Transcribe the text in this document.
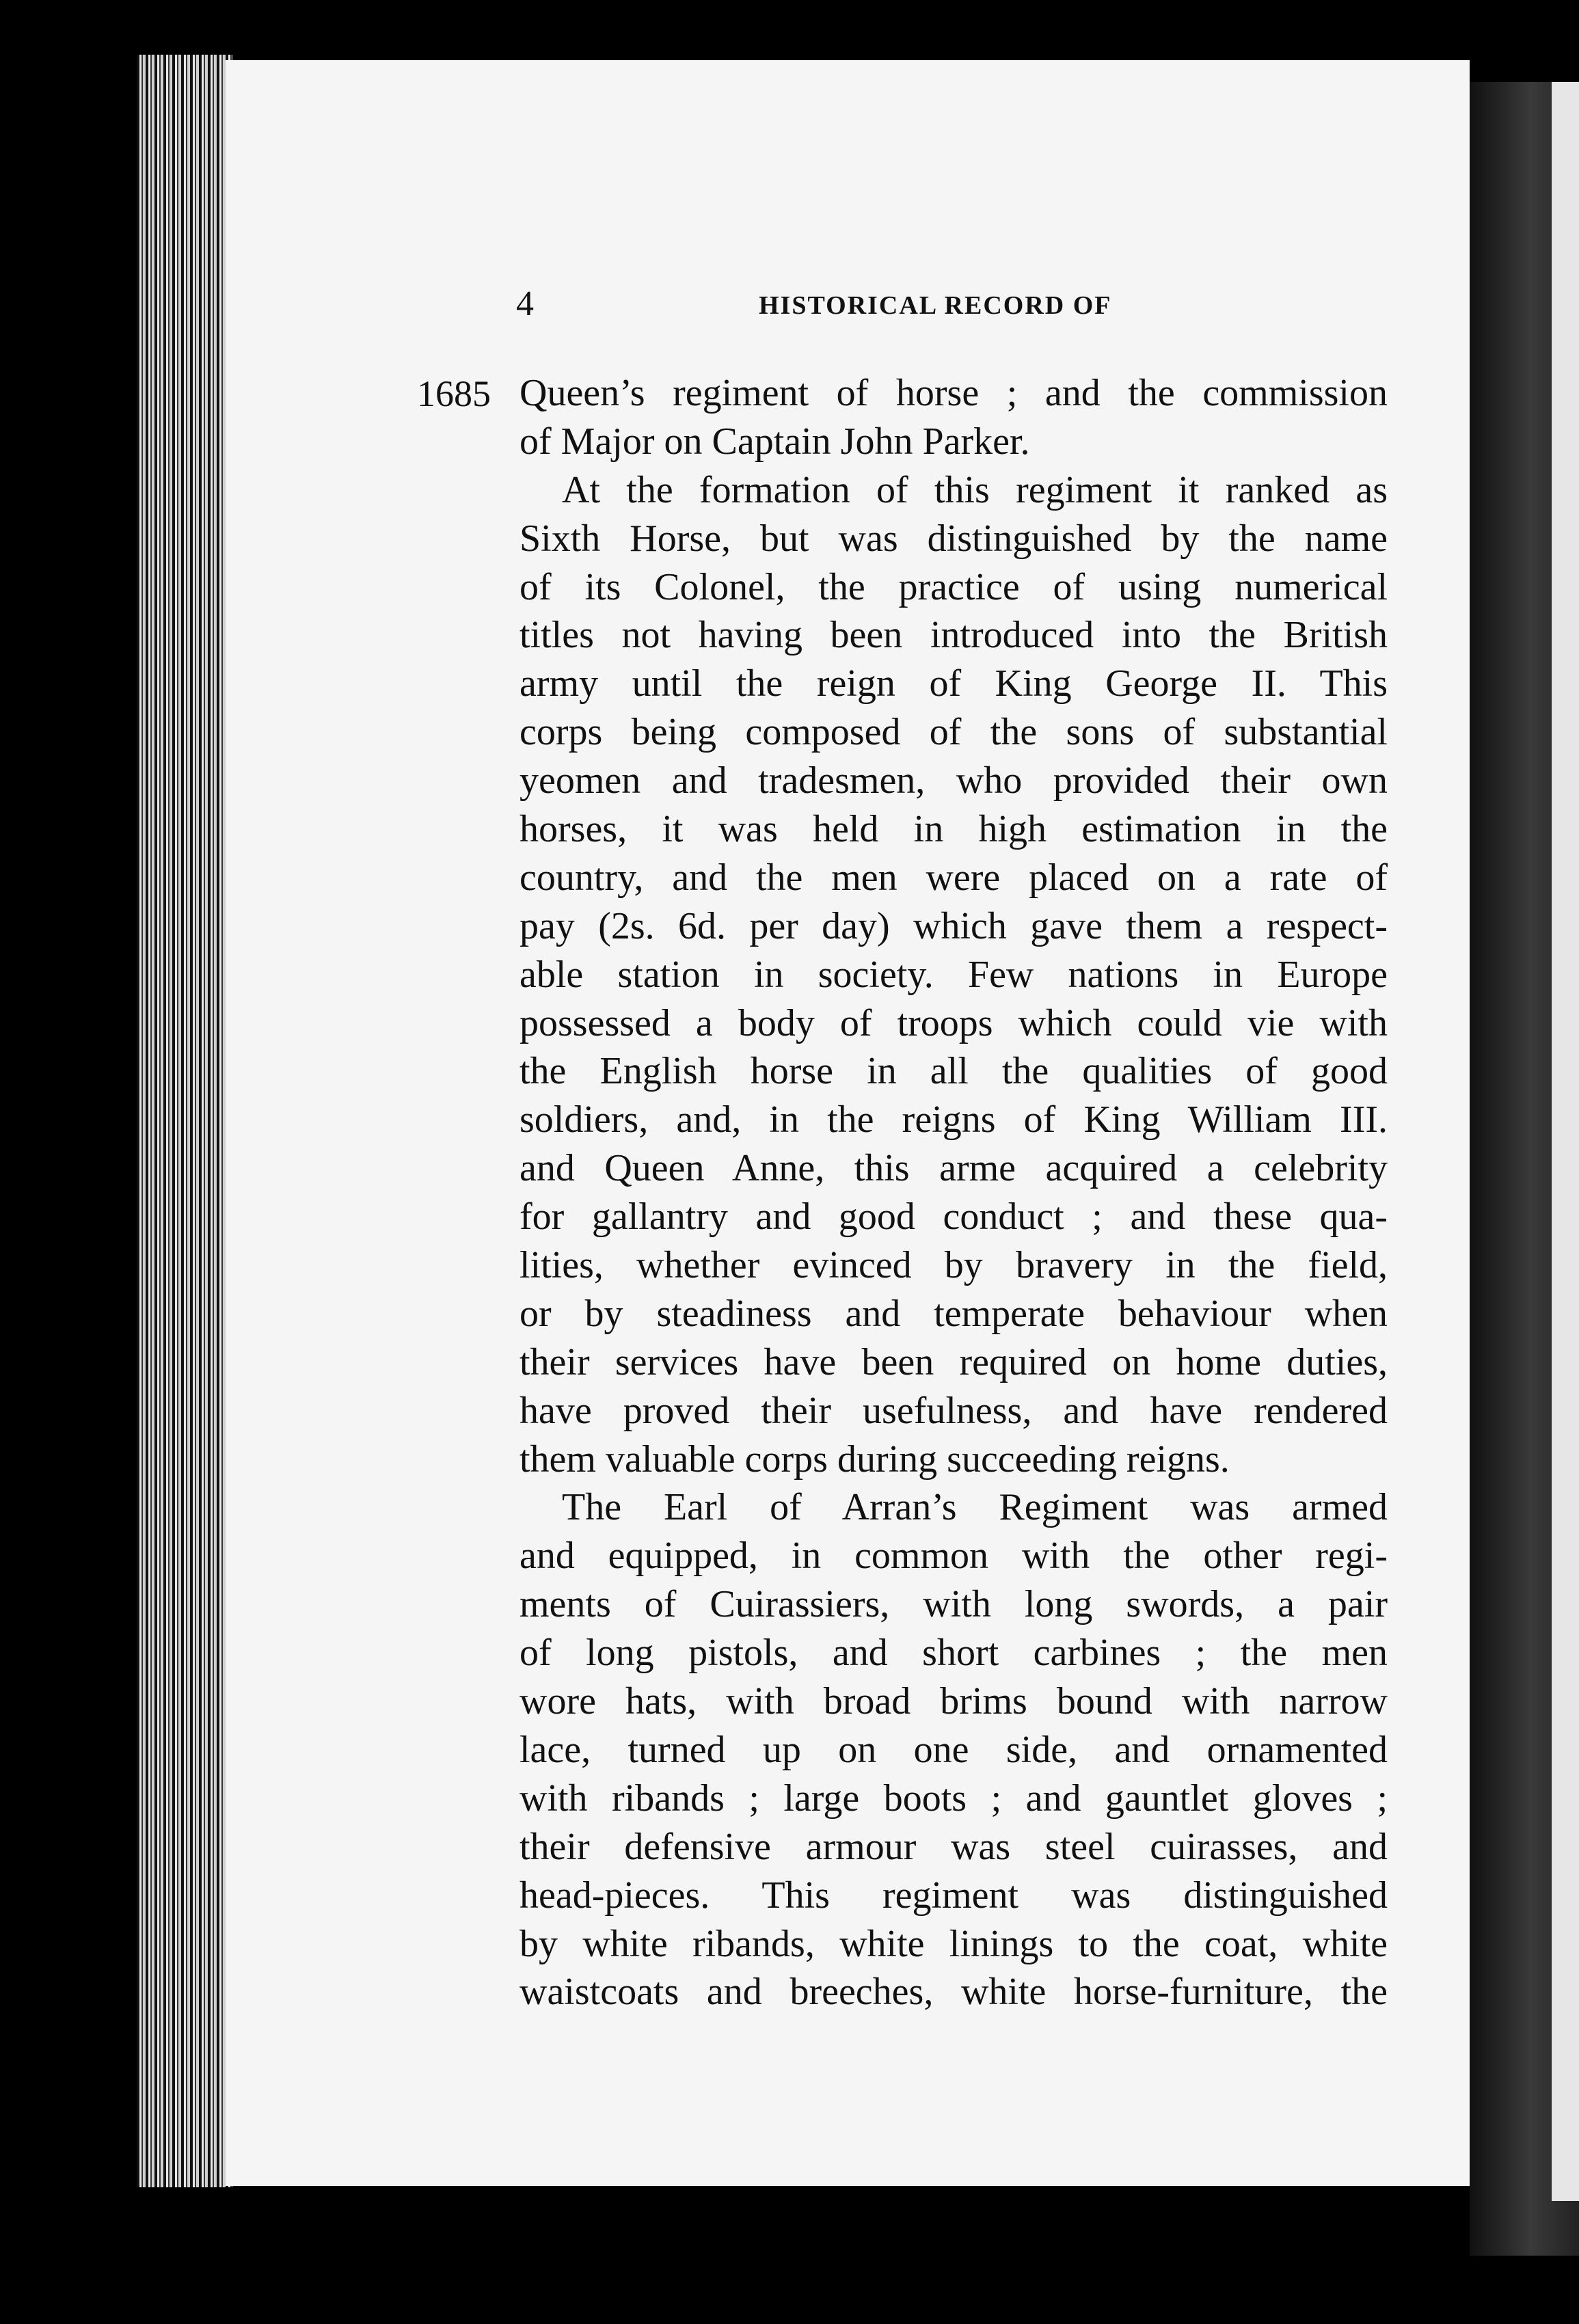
4	HISTORICAL RECORD OF
1685 Queen’s regiment of horse ; and the commission
of Major on Captain John Parker.
At the formation of this regiment it ranked as
Sixth Horse, but was distinguished by the name
of its Colonel, the practice of using numerical
titles not having been introduced into the British
army until the reign of King George II. This
corps being composed of the sons of substantial
yeomen and tradesmen, who provided their own
horses, it was held in high estimation in the
country, and the men were placed on a rate of
pay (2s. 6d. per day) which gave them a respect-
able station in society. Few nations in Europe
possessed a body of troops which could vie with
the English horse in all the qualities of good
soldiers, and, in the reigns of King William III.
and Queen Anne, this arme acquired a celebrity
for gallantry and good conduct ; and these qua-
lities, whether evinced by bravery in the field,
or by steadiness and temperate behaviour when
their services have been required on home duties,
have proved their usefulness, and have rendered
them valuable corps during succeeding reigns.
The Earl of Arran’s Regiment was armed
and equipped, in common with the other regi-
ments of Cuirassiers, with long swords, a pair
of long pistols, and short carbines ; the men
wore hats, with broad brims bound with narrow
lace, turned up on one side, and ornamented
with ribands ; large boots ; and gauntlet gloves ;
their defensive armour was steel cuirasses, and
head-pieces. This regiment was distinguished
by white ribands, white linings to the coat, white
waistcoats and breeches, white horse-furniture, the
